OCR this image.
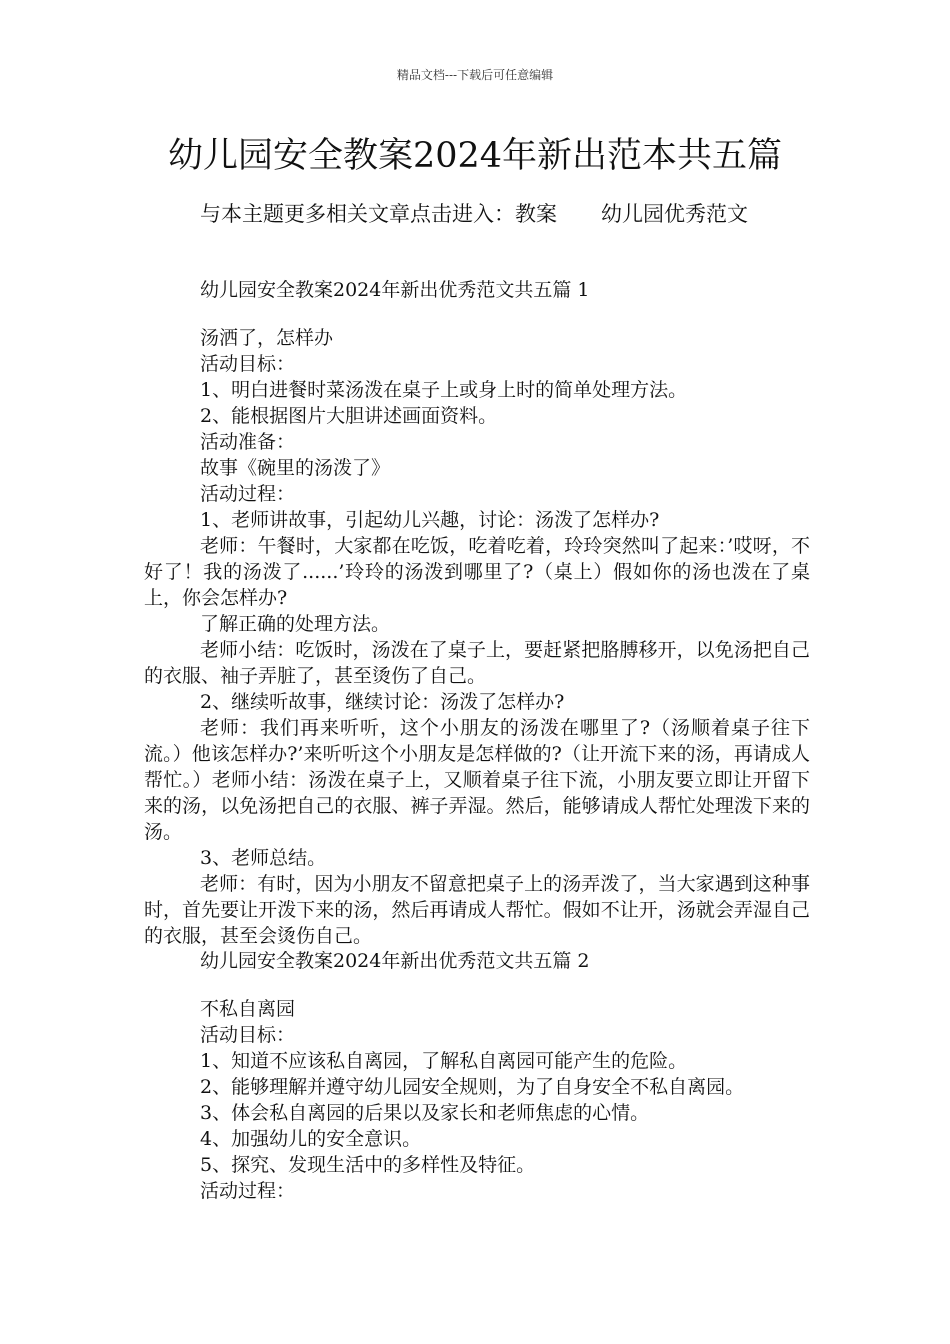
精品文档---下载后可任意编辑
幼儿园安全教案2024年新出范本共五篇
与本主题更多相关文章点击进入：教案 幼儿园优秀范文
幼儿园安全教案2024年新出优秀范文共五篇 1

汤洒了，怎样办

活动目标：

1、明白进餐时菜汤泼在桌子上或身上时的简单处理方法。

2、能根据图片大胆讲述画面资料。

活动准备：

故事《碗里的汤泼了》

活动过程：

1、老师讲故事，引起幼儿兴趣，讨论：汤泼了怎样办?

老师：午餐时，大家都在吃饭，吃着吃着，玲玲突然叫了起来：’哎呀，不好了！我的汤泼了......’玲玲的汤泼到哪里了?（桌上）假如你的汤也泼在了桌上，你会怎样办?

了解正确的处理方法。

老师小结：吃饭时，汤泼在了桌子上，要赶紧把胳膊移开，以免汤把自己的衣服、袖子弄脏了，甚至烫伤了自己。

2、继续听故事，继续讨论：汤泼了怎样办?

老师：我们再来听听，这个小朋友的汤泼在哪里了?（汤顺着桌子往下流。）他该怎样办?’来听听这个小朋友是怎样做的?（让开流下来的汤，再请成人帮忙。）老师小结：汤泼在桌子上，又顺着桌子往下流，小朋友要立即让开留下来的汤，以免汤把自己的衣服、裤子弄湿。然后，能够请成人帮忙处理泼下来的汤。

3、老师总结。

老师：有时，因为小朋友不留意把桌子上的汤弄泼了，当大家遇到这种事时，首先要让开泼下来的汤，然后再请成人帮忙。假如不让开，汤就会弄湿自己的衣服，甚至会烫伤自己。

幼儿园安全教案2024年新出优秀范文共五篇 2

不私自离园

活动目标：

1、知道不应该私自离园，了解私自离园可能产生的危险。

2、能够理解并遵守幼儿园安全规则，为了自身安全不私自离园。

3、体会私自离园的后果以及家长和老师焦虑的心情。

4、加强幼儿的安全意识。

5、探究、发现生活中的多样性及特征。

活动过程：
